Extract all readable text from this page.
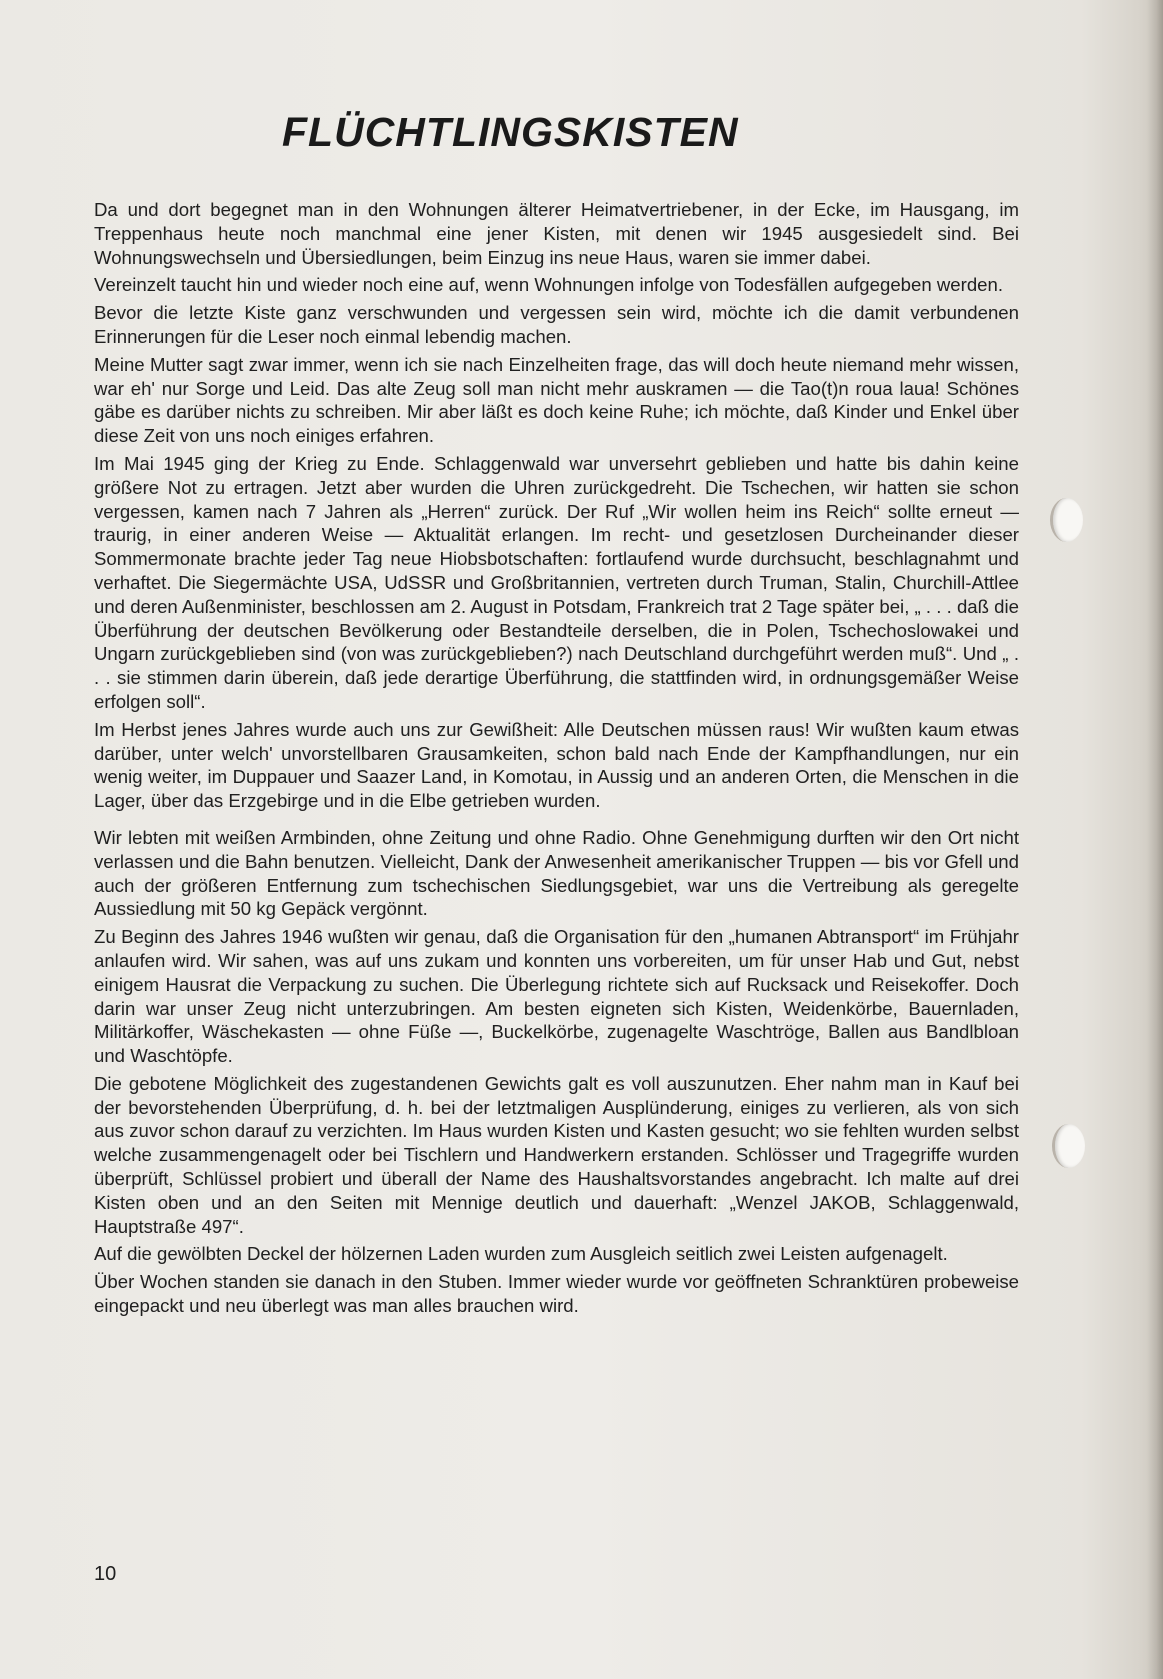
FLÜCHTLINGSKISTEN

Da und dort begegnet man in den Wohnungen älterer Heimatvertriebener, in der Ecke, im Hausgang, im Treppenhaus heute noch manchmal eine jener Kisten, mit denen wir 1945 ausgesiedelt sind. Bei Wohnungswechseln und Übersiedlungen, beim Einzug ins neue Haus, waren sie immer dabei.

Vereinzelt taucht hin und wieder noch eine auf, wenn Wohnungen infolge von Todesfällen aufgegeben werden.

Bevor die letzte Kiste ganz verschwunden und vergessen sein wird, möchte ich die damit verbundenen Erinnerungen für die Leser noch einmal lebendig machen.

Meine Mutter sagt zwar immer, wenn ich sie nach Einzelheiten frage, das will doch heute niemand mehr wissen, war eh' nur Sorge und Leid. Das alte Zeug soll man nicht mehr auskramen — die Tao(t)n roua laua! Schönes gäbe es darüber nichts zu schreiben. Mir aber läßt es doch keine Ruhe; ich möchte, daß Kinder und Enkel über diese Zeit von uns noch einiges erfahren.

Im Mai 1945 ging der Krieg zu Ende. Schlaggenwald war unversehrt geblieben und hatte bis dahin keine größere Not zu ertragen. Jetzt aber wurden die Uhren zurückgedreht. Die Tschechen, wir hatten sie schon vergessen, kamen nach 7 Jahren als „Herren“ zurück. Der Ruf „Wir wollen heim ins Reich“ sollte erneut — traurig, in einer anderen Weise — Aktualität erlangen. Im recht- und gesetzlosen Durcheinander dieser Sommermonate brachte jeder Tag neue Hiobsbotschaften: fortlaufend wurde durchsucht, beschlagnahmt und verhaftet. Die Siegermächte USA, UdSSR und Großbritannien, vertreten durch Truman, Stalin, Churchill-Attlee und deren Außenminister, beschlossen am 2. August in Potsdam, Frankreich trat 2 Tage später bei, „ . . . daß die Überführung der deutschen Bevölkerung oder Bestandteile derselben, die in Polen, Tschechoslowakei und Ungarn zurückgeblieben sind (von was zurückgeblieben?) nach Deutschland durchgeführt werden muß“. Und „ . . . sie stimmen darin überein, daß jede derartige Überführung, die stattfinden wird, in ordnungsgemäßer Weise erfolgen soll“.

Im Herbst jenes Jahres wurde auch uns zur Gewißheit: Alle Deutschen müssen raus! Wir wußten kaum etwas darüber, unter welch' unvorstellbaren Grausamkeiten, schon bald nach Ende der Kampfhandlungen, nur ein wenig weiter, im Duppauer und Saazer Land, in Komotau, in Aussig und an anderen Orten, die Menschen in die Lager, über das Erzgebirge und in die Elbe getrieben wurden.

Wir lebten mit weißen Armbinden, ohne Zeitung und ohne Radio. Ohne Genehmigung durften wir den Ort nicht verlassen und die Bahn benutzen. Vielleicht, Dank der Anwesenheit amerikanischer Truppen — bis vor Gfell und auch der größeren Entfernung zum tschechischen Siedlungsgebiet, war uns die Vertreibung als geregelte Aussiedlung mit 50 kg Gepäck vergönnt.

Zu Beginn des Jahres 1946 wußten wir genau, daß die Organisation für den „humanen Abtransport“ im Frühjahr anlaufen wird. Wir sahen, was auf uns zukam und konnten uns vorbereiten, um für unser Hab und Gut, nebst einigem Hausrat die Verpackung zu suchen. Die Überlegung richtete sich auf Rucksack und Reisekoffer. Doch darin war unser Zeug nicht unterzubringen. Am besten eigneten sich Kisten, Weidenkörbe, Bauernladen, Militärkoffer, Wäschekasten — ohne Füße —, Buckelkörbe, zugenagelte Waschtröge, Ballen aus Bandlbloan und Waschtöpfe.

Die gebotene Möglichkeit des zugestandenen Gewichts galt es voll auszunutzen. Eher nahm man in Kauf bei der bevorstehenden Überprüfung, d. h. bei der letztmaligen Ausplünderung, einiges zu verlieren, als von sich aus zuvor schon darauf zu verzichten. Im Haus wurden Kisten und Kasten gesucht; wo sie fehlten wurden selbst welche zusammengenagelt oder bei Tischlern und Handwerkern erstanden. Schlösser und Tragegriffe wurden überprüft, Schlüssel probiert und überall der Name des Haushaltsvorstandes angebracht. Ich malte auf drei Kisten oben und an den Seiten mit Mennige deutlich und dauerhaft: „Wenzel JAKOB, Schlaggenwald, Hauptstraße 497“.

Auf die gewölbten Deckel der hölzernen Laden wurden zum Ausgleich seitlich zwei Leisten aufgenagelt.

Über Wochen standen sie danach in den Stuben. Immer wieder wurde vor geöffneten Schranktüren probeweise eingepackt und neu überlegt was man alles brauchen wird.

10
